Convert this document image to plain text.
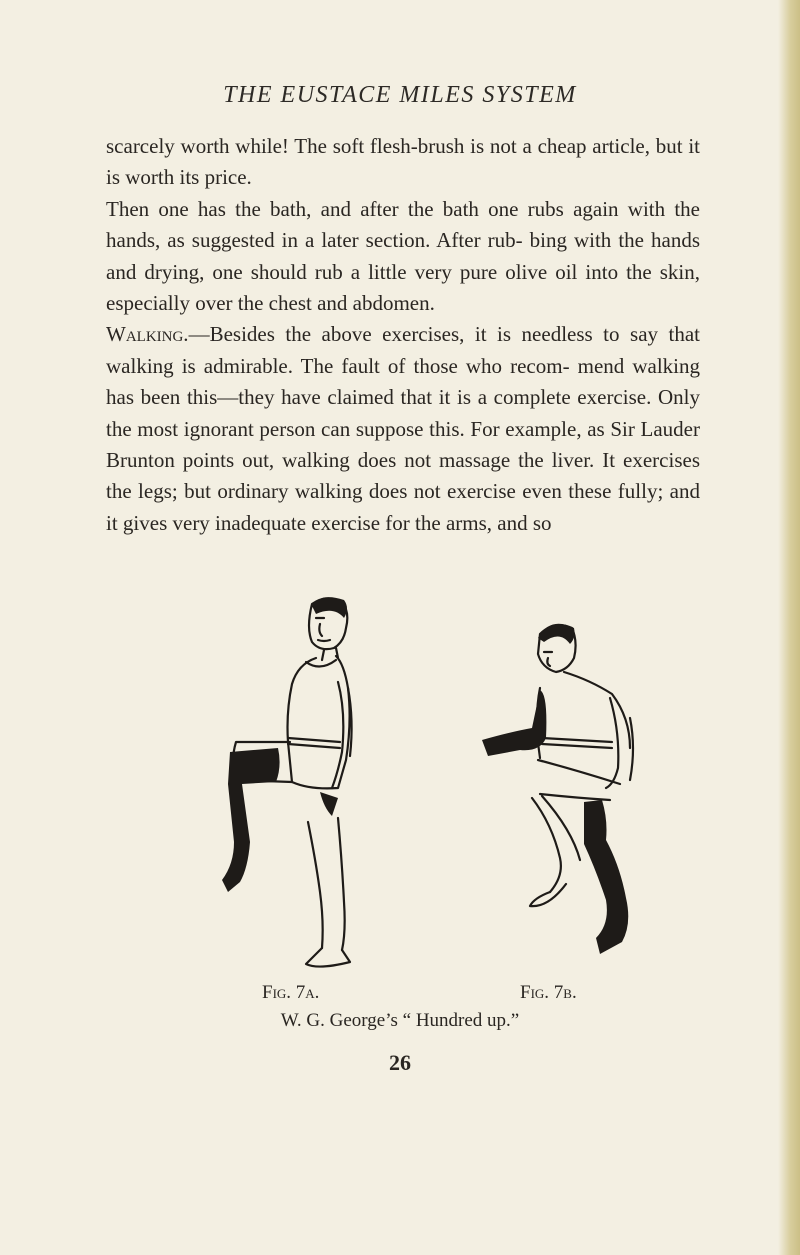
THE EUSTACE MILES SYSTEM

scarcely worth while! The soft flesh-brush is not a cheap article, but it is worth its price.

Then one has the bath, and after the bath one rubs again with the hands, as suggested in a later section. After rub- bing with the hands and drying, one should rub a little very pure olive oil into the skin, especially over the chest and abdomen.

Walking.—Besides the above exercises, it is needless to say that walking is admirable. The fault of those who recom- mend walking has been this—they have claimed that it is a complete exercise. Only the most ignorant person can suppose this. For example, as Sir Lauder Brunton points out, walking does not massage the liver. It exercises the legs; but ordinary walking does not exercise even these fully; and it gives very inadequate exercise for the arms, and so

Fig. 7a.	Fig. 7b.
W. G. George’s “ Hundred up.”
26
